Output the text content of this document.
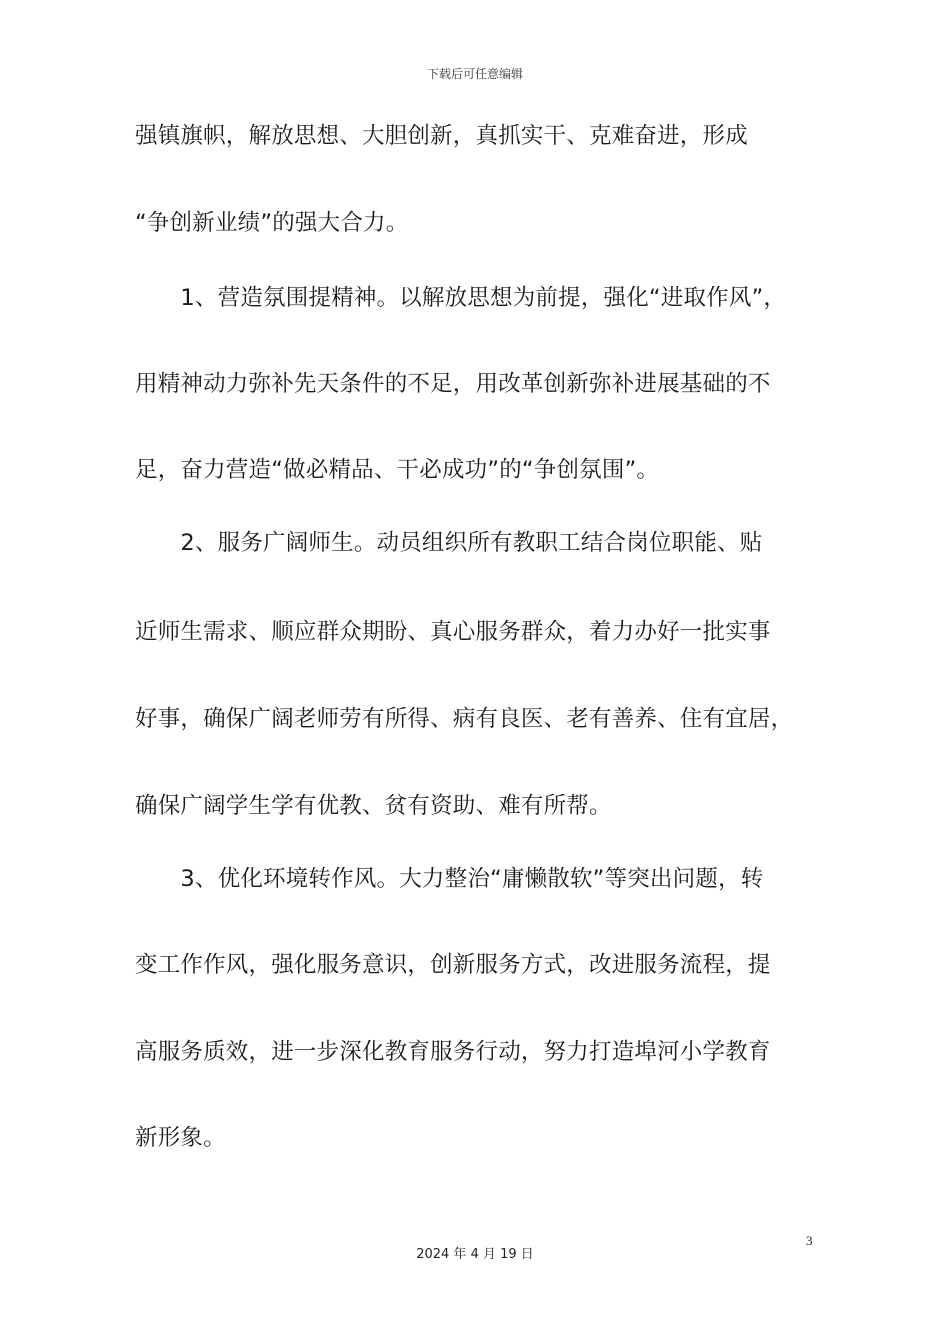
下载后可任意编辑
强镇旗帜，解放思想、大胆创新，真抓实干、克难奋进，形成
“争创新业绩”的强大合力。
　　1、营造氛围提精神。以解放思想为前提，强化“进取作风”，
用精神动力弥补先天条件的不足，用改革创新弥补进展基础的不
足，奋力营造“做必精品、干必成功”的“争创氛围”。
　　2、服务广阔师生。动员组织所有教职工结合岗位职能、贴
近师生需求、顺应群众期盼、真心服务群众，着力办好一批实事
好事，确保广阔老师劳有所得、病有良医、老有善养、住有宜居，
确保广阔学生学有优教、贫有资助、难有所帮。
　　3、优化环境转作风。大力整治“庸懒散软”等突出问题，转
变工作作风，强化服务意识，创新服务方式，改进服务流程，提
高服务质效，进一步深化教育服务行动，努力打造埠河小学教育
新形象。
3
2024 年 4 月 19 日
